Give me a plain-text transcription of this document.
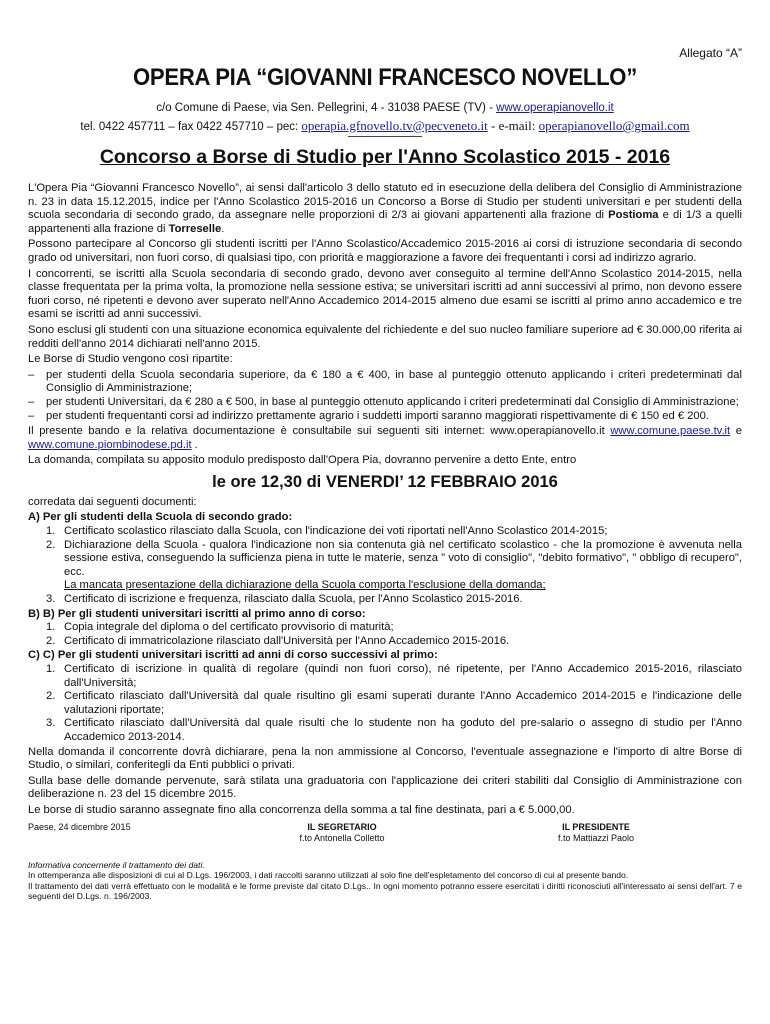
Allegato “A”
OPERA PIA “GIOVANNI FRANCESCO NOVELLO”
c/o Comune di Paese, via Sen. Pellegrini, 4 - 31038 PAESE (TV) - www.operapianovello.it
tel. 0422 457711 – fax 0422 457710 – pec: operapia.gfnovello.tv@pecveneto.it - e-mail: operapianovello@gmail.com
Concorso a Borse di Studio per l'Anno Scolastico 2015 - 2016

L'Opera Pia “Giovanni Francesco Novello”, ai sensi dall'articolo 3 dello statuto ed in esecuzione della delibera del Consiglio di Amministrazione n. 23 in data 15.12.2015, indice per l'Anno Scolastico 2015-2016 un Concorso a Borse di Studio per studenti universitari e per studenti della scuola secondaria di secondo grado, da assegnare nelle proporzioni di 2/3 ai giovani appartenenti alla frazione di Postioma e di 1/3 a quelli appartenenti alla frazione di Torreselle.

Possono partecipare al Concorso gli studenti iscritti per l'Anno Scolastico/Accademico 2015-2016 ai corsi di istruzione secondaria di secondo grado od universitari, non fuori corso, di qualsiasi tipo, con priorità e maggiorazione a favore dei frequentanti i corsi ad indirizzo agrario.

I concorrenti, se iscritti alla Scuola secondaria di secondo grado, devono aver conseguito al termine dell'Anno Scolastico 2014-2015, nella classe frequentata per la prima volta, la promozione nella sessione estiva; se universitari iscritti ad anni successivi al primo, non devono essere fuori corso, né ripetenti e devono aver superato nell'Anno Accademico 2014-2015 almeno due esami se iscritti al primo anno accademico e tre esami se iscritti ad anni successivi.

Sono esclusi gli studenti con una situazione economica equivalente del richiedente e del suo nucleo familiare superiore ad € 30.000,00 riferita ai redditi dell'anno 2014 dichiarati nell'anno 2015.

Le Borse di Studio vengono così ripartite:

– per studenti della Scuola secondaria superiore, da € 180 a € 400, in base al punteggio ottenuto applicando i criteri predeterminati dal Consiglio di Amministrazione;
– per studenti Universitari, da € 280 a € 500, in base al punteggio ottenuto applicando i criteri predeterminati dal Consiglio di Amministrazione;
– per studenti frequentanti corsi ad indirizzo prettamente agrario i suddetti importi saranno maggiorati rispettivamente di € 150 ed € 200.

Il presente bando e la relativa documentazione è consultabile sui seguenti siti internet: www.operapianovello.it www.comune.paese.tv.it e www.comune.piombinodese.pd.it .

La domanda, compilata su apposito modulo predisposto dall'Opera Pia, dovranno pervenire a detto Ente, entro

le ore 12,30 di VENERDI’ 12 FEBBRAIO 2016

corredata dai seguenti documenti:

A) Per gli studenti della Scuola di secondo grado:
1. Certificato scolastico rilasciato dalla Scuola, con l'indicazione dei voti riportati nell'Anno Scolastico 2014-2015;
2. Dichiarazione della Scuola - qualora l'indicazione non sia contenuta già nel certificato scolastico - che la promozione è avvenuta nella sessione estiva, conseguendo la sufficienza piena in tutte le materie, senza " voto di consiglio", "debito formativo", " obbligo di recupero", ecc.
La mancata presentazione della dichiarazione della Scuola comporta l'esclusione della domanda;
3. Certificato di iscrizione e frequenza, rilasciato dalla Scuola, per l'Anno Scolastico 2015-2016.
B) B) Per gli studenti universitari iscritti al primo anno di corso:
1. Copia integrale del diploma o del certificato provvisorio di maturità;
2. Certificato di immatricolazione rilasciato dall'Università per l'Anno Accademico 2015-2016.
C) C) Per gli studenti universitari iscritti ad anni di corso successivi al primo:
1. Certificato di iscrizione in qualità di regolare (quindi non fuori corso), né ripetente, per l'Anno Accademico 2015-2016, rilasciato dall'Università;
2. Certificato rilasciato dall'Università dal quale risultino gli esami superati durante l'Anno Accademico 2014-2015 e l'indicazione delle valutazioni riportate;
3. Certificato rilasciato dall'Università dal quale risulti che lo studente non ha goduto del pre-salario o assegno di studio per l'Anno Accademico 2013-2014.

Nella domanda il concorrente dovrà dichiarare, pena la non ammissione al Concorso, l'eventuale assegnazione e l'importo di altre Borse di Studio, o similari, conferitegli da Enti pubblici o privati.

Sulla base delle domande pervenute, sarà stilata una graduatoria con l'applicazione dei criteri stabiliti dal Consiglio di Amministrazione con deliberazione n. 23 del 15 dicembre 2015.

Le borse di studio saranno assegnate fino alla concorrenza della somma a tal fine destinata, pari a € 5.000,00.

Paese, 24 dicembre 2015	IL SEGRETARIO
f.to Antonella Colletto
IL PRESIDENTE
f.to Mattiazzi Paolo
Informativa concernente il trattamento dei dati.
In ottemperanza alle disposizioni di cui al D.Lgs. 196/2003, i dati raccolti saranno utilizzati al solo fine dell'espletamento del concorso di cui al presente bando.
Il trattamento dei dati verrà effettuato con le modalità e le forme previste dal citato D.Lgs.. In ogni momento potranno essere esercitati i diritti riconosciuti all'interessato ai sensi dell'art. 7 e seguenti del D.Lgs. n. 196/2003.
